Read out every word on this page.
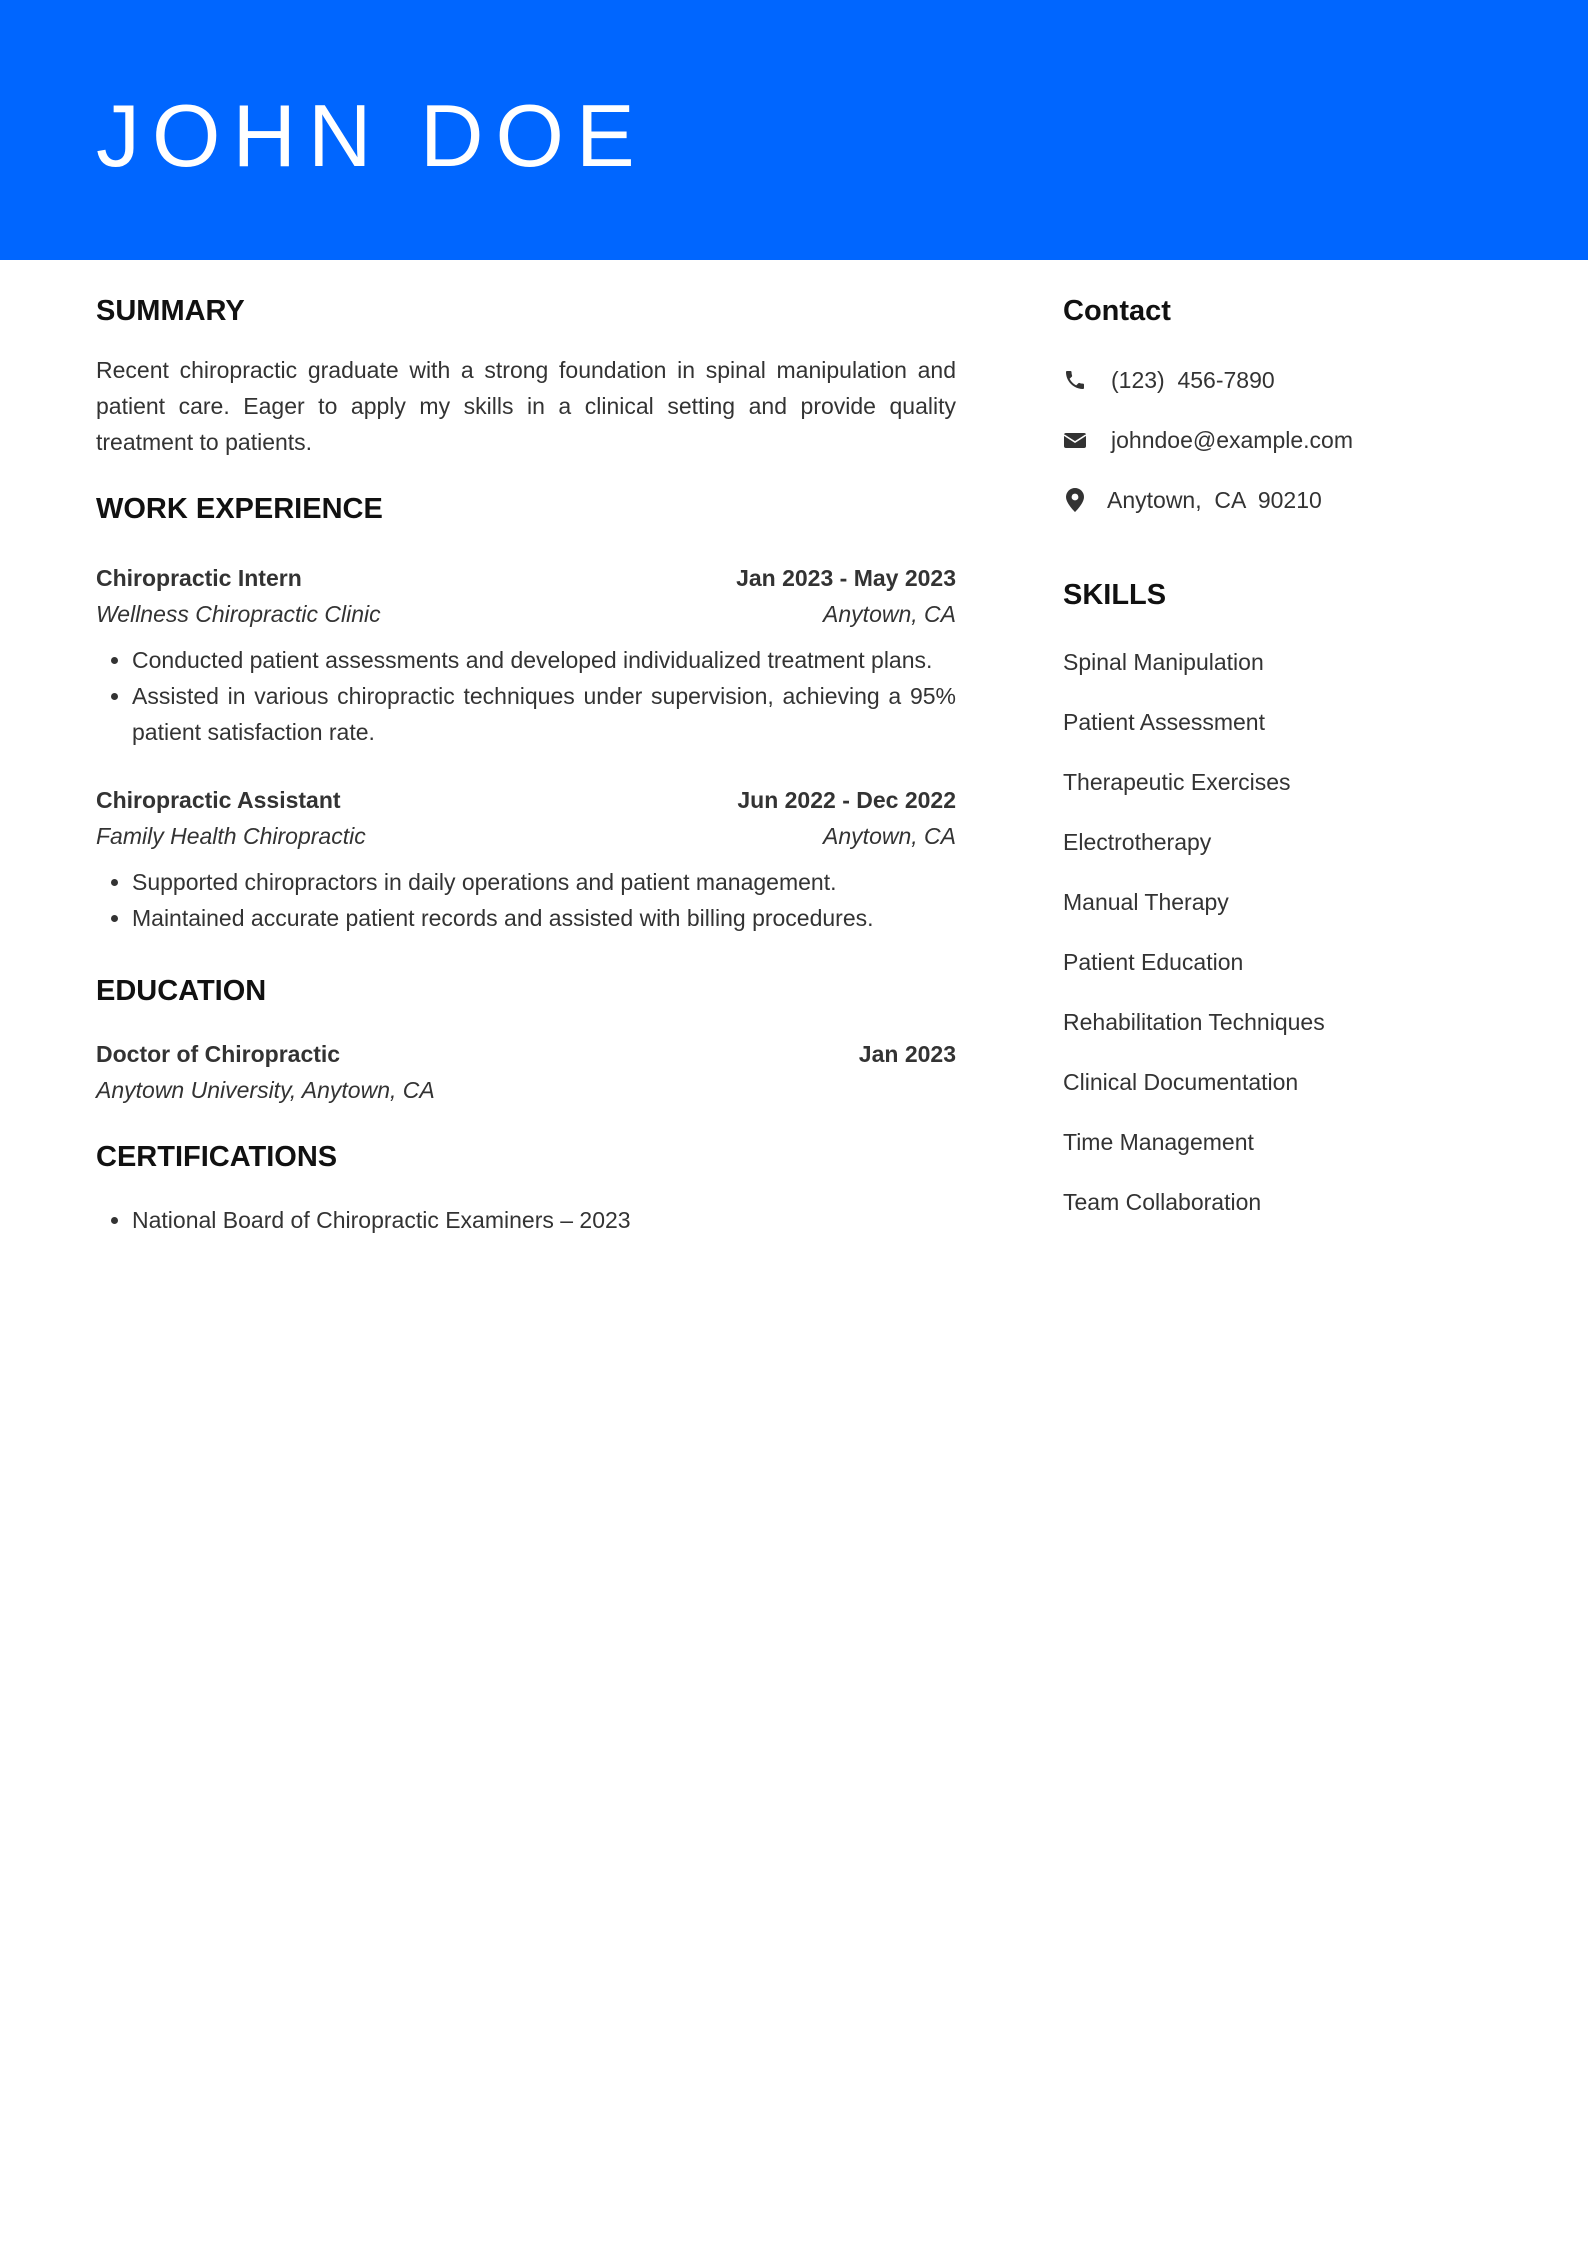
JOHN DOE
SUMMARY
Recent chiropractic graduate with a strong foundation in spinal manipulation and patient care. Eager to apply my skills in a clinical setting and provide quality treatment to patients.
WORK EXPERIENCE
Chiropractic Intern	Jan 2023 - May 2023
Wellness Chiropractic Clinic	Anytown, CA
• Conducted patient assessments and developed individualized treatment plans.
• Assisted in various chiropractic techniques under supervision, achieving a 95% patient satisfaction rate.
Chiropractic Assistant	Jun 2022 - Dec 2022
Family Health Chiropractic	Anytown, CA
• Supported chiropractors in daily operations and patient management.
• Maintained accurate patient records and assisted with billing procedures.
EDUCATION
Doctor of Chiropractic	Jan 2023
Anytown University, Anytown, CA
CERTIFICATIONS
• National Board of Chiropractic Examiners – 2023
Contact
(123)  456-7890
johndoe@example.com
Anytown,  CA  90210
SKILLS
Spinal Manipulation
Patient Assessment
Therapeutic Exercises
Electrotherapy
Manual Therapy
Patient Education
Rehabilitation Techniques
Clinical Documentation
Time Management
Team Collaboration
